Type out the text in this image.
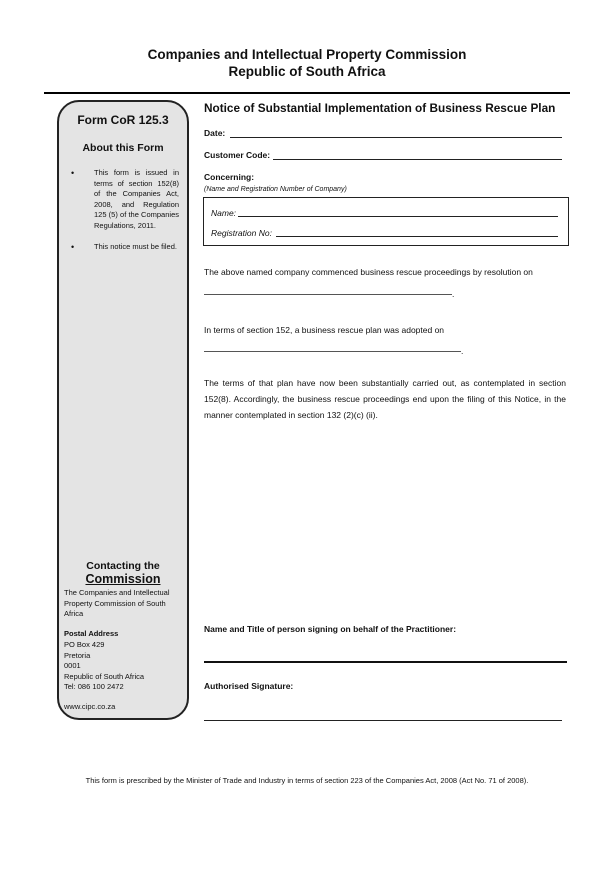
Companies and Intellectual Property Commission
Republic of South Africa
Form CoR 125.3
About this Form
• This form is issued in terms of section 152(8) of the Companies Act, 2008, and Regulation 125 (5) of the Companies Regulations, 2011.
• This notice must be filed.
Contacting the
Commission
The Companies and Intellectual Property Commission of South Africa
Postal Address
PO Box 429
Pretoria
0001
Republic of South Africa
Tel: 086 100 2472
www.cipc.co.za
Notice of Substantial Implementation of Business Rescue Plan
Date:
Customer Code:
Concerning:
(Name and Registration Number of Company)
Name:
Registration No:
The above named company commenced business rescue proceedings by resolution on
.
In terms of section 152, a business rescue plan was adopted on
.
The terms of that plan have now been substantially carried out, as contemplated in section 152(8). Accordingly, the business rescue proceedings end upon the filing of this Notice, in the manner contemplated in section 132 (2)(c) (ii).
Name and Title of person signing on behalf of the Practitioner:
Authorised Signature:
This form is prescribed by the Minister of Trade and Industry in terms of section 223 of the Companies Act, 2008 (Act No. 71 of 2008).
